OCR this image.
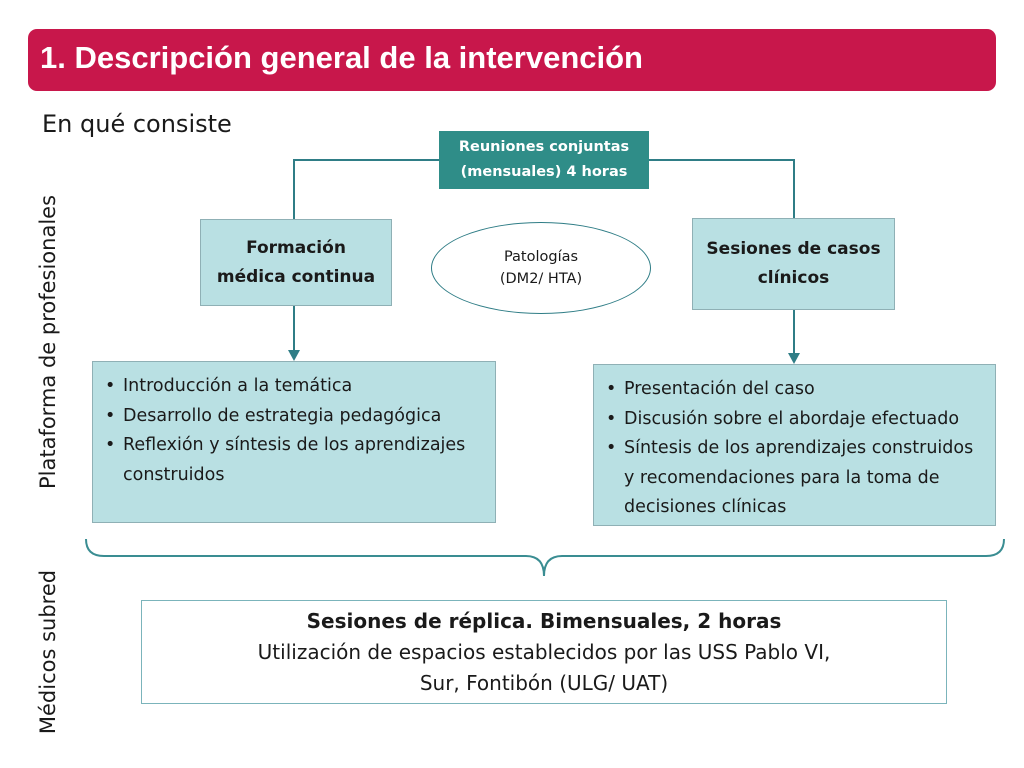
1. Descripción general de la intervención
En qué consiste
Plataforma de profesionales
Médicos subred
Reuniones conjuntas
(mensuales) 4 horas
Formación
médica continua
Patologías
(DM2/ HTA)
Sesiones de casos
clínicos
• Introducción a la temática
• Desarrollo de estrategia pedagógica
• Reflexión y síntesis de los aprendizajes construidos
• Presentación del caso
• Discusión sobre el abordaje efectuado
• Síntesis de los aprendizajes construidos y recomendaciones para la toma de decisiones clínicas
Sesiones de réplica. Bimensuales, 2 horas
Utilización de espacios establecidos por las USS Pablo VI,
Sur, Fontibón (ULG/ UAT)
